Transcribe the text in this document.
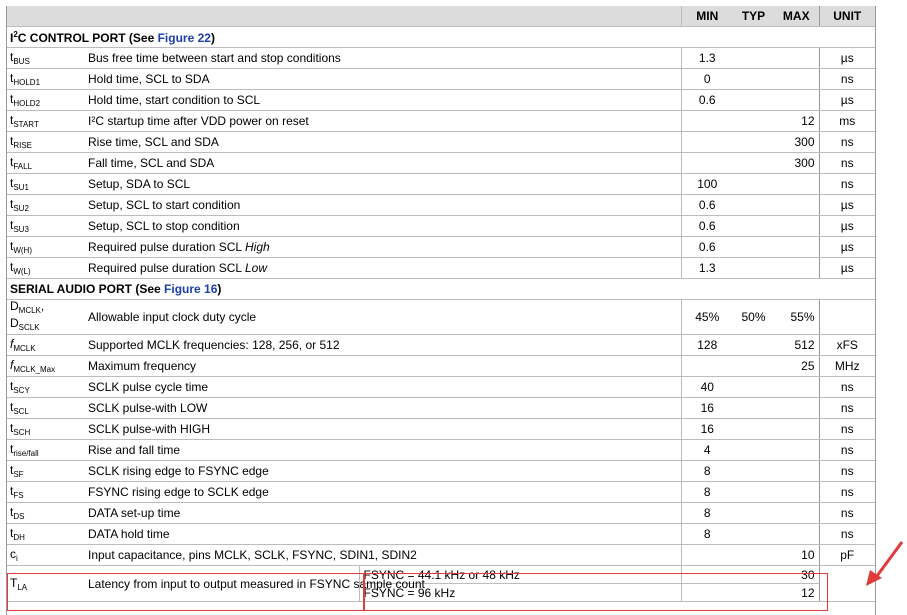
			MIN	TYP	MAX	UNIT
$I^2C$ CONTROL PORT (See Figure 22)						
$t_{BUS}$	Bus free time between start and stop conditions		1.3			µs
$t_{HOLD1}$	Hold time, SCL to SDA		0			ns
$t_{HOLD2}$	Hold time, start condition to SCL		0.6			µs
$t_{START}$	I²C startup time after VDD power on reset				12	ms
$t_{RISE}$	Rise time, SCL and SDA				300	ns
$t_{FALL}$	Fall time, SCL and SDA				300	ns
$t_{SU1}$	Setup, SDA to SCL		100			ns
$t_{SU2}$	Setup, SCL to start condition		0.6			µs
$t_{SU3}$	Setup, SCL to stop condition		0.6			µs
$t_{W(H)}$	Required pulse duration SCL High		0.6			µs
$t_{W(L)}$	Required pulse duration SCL Low		1.3			µs
SERIAL AUDIO PORT (See Figure 16)						
$D_{MCLK}$,
$D_{SCLK}$	Allowable input clock duty cycle		45%	50%	55%	
$f_{MCLK}$	Supported MCLK frequencies: 128, 256, or 512		128		512	xFS
$f_{MCLK\_Max}$	Maximum frequency				25	MHz
$t_{SCY}$	SCLK pulse cycle time		40			ns
$t_{SCL}$	SCLK pulse-with LOW		16			ns
$t_{SCH}$	SCLK pulse-with HIGH		16			ns
$t_{rise/fall}$	Rise and fall time		4			ns
$t_{SF}$	SCLK rising edge to FSYNC edge		8			ns
$t_{FS}$	FSYNC rising edge to SCLK edge		8			ns
$t_{DS}$	DATA set-up time		8			ns
$t_{DH}$	DATA hold time		8			ns
$c_i$	Input capacitance, pins MCLK, SCLK, FSYNC, SDIN1, SDIN2				10	pF
$T_{LA}$	Latency from input to output measured in FSYNC sample count	FSYNC = 44.1 kHz or 48 kHz			30	
		FSYNC = 96 kHz			12	
